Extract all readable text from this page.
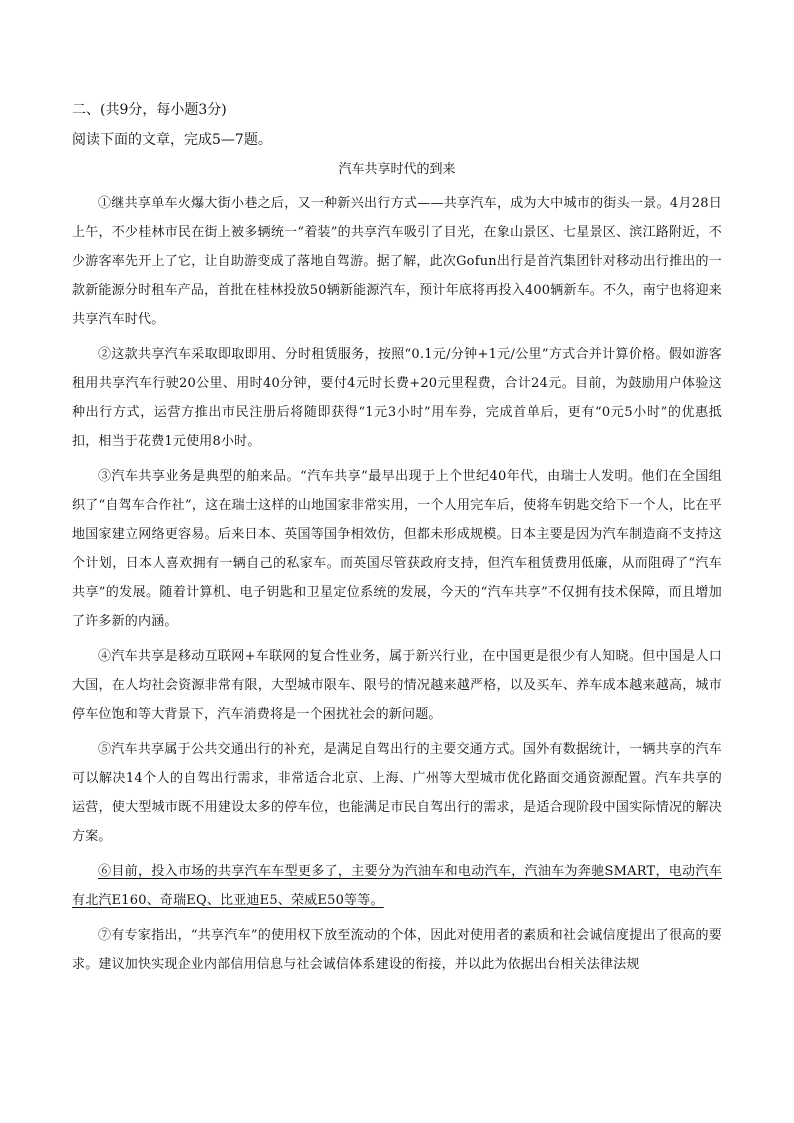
二、(共9分，每小题3分)
阅读下面的文章，完成5—7题。
汽车共享时代的到来

①继共享单车火爆大街小巷之后，又一种新兴出行方式——共享汽车，成为大中城市的街头一景。4月28日上午，不少桂林市民在街上被多辆统一“着装”的共享汽车吸引了目光，在象山景区、七星景区、滨江路附近，不少游客率先开上了它，让自助游变成了落地自驾游。据了解，此次Gofun出行是首汽集团针对移动出行推出的一款新能源分时租车产品，首批在桂林投放50辆新能源汽车，预计年底将再投入400辆新车。不久，南宁也将迎来共享汽车时代。

②这款共享汽车采取即取即用、分时租赁服务，按照“0.1元/分钟+1元/公里”方式合并计算价格。假如游客租用共享汽车行驶20公里、用时40分钟，要付4元时长费+20元里程费，合计24元。目前，为鼓励用户体验这种出行方式，运营方推出市民注册后将随即获得“1元3小时”用车券，完成首单后，更有“0元5小时”的优惠抵扣，相当于花费1元使用8小时。

③汽车共享业务是典型的舶来品。“汽车共享”最早出现于上个世纪40年代，由瑞士人发明。他们在全国组织了“自驾车合作社”，这在瑞士这样的山地国家非常实用，一个人用完车后，使将车钥匙交给下一个人，比在平地国家建立网络更容易。后来日本、英国等国争相效仿，但都未形成规模。日本主要是因为汽车制造商不支持这个计划，日本人喜欢拥有一辆自己的私家车。而英国尽管获政府支持，但汽车租赁费用低廉，从而阻碍了“汽车共享”的发展。随着计算机、电子钥匙和卫星定位系统的发展，今天的“汽车共享”不仅拥有技术保障，而且增加了许多新的内涵。

④汽车共享是移动互联网+车联网的复合性业务，属于新兴行业，在中国更是很少有人知晓。但中国是人口大国，在人均社会资源非常有限，大型城市限车、限号的情况越来越严格，以及买车、养车成本越来越高，城市停车位饱和等大背景下，汽车消费将是一个困扰社会的新问题。

⑤汽车共享属于公共交通出行的补充，是满足自驾出行的主要交通方式。国外有数据统计，一辆共享的汽车可以解决14个人的自驾出行需求，非常适合北京、上海、广州等大型城市优化路面交通资源配置。汽车共享的运营，使大型城市既不用建设太多的停车位，也能满足市民自驾出行的需求，是适合现阶段中国实际情况的解决方案。

⑥目前，投入市场的共享汽车车型更多了，主要分为汽油车和电动汽车，汽油车为奔驰SMART，电动汽车有北汽E160、奇瑞EQ、比亚迪E5、荣威E50等等。

⑦有专家指出，“共享汽车”的使用权下放至流动的个体，因此对使用者的素质和社会诚信度提出了很高的要求。建议加快实现企业内部信用信息与社会诚信体系建设的衔接，并以此为依据出台相关法律法规
